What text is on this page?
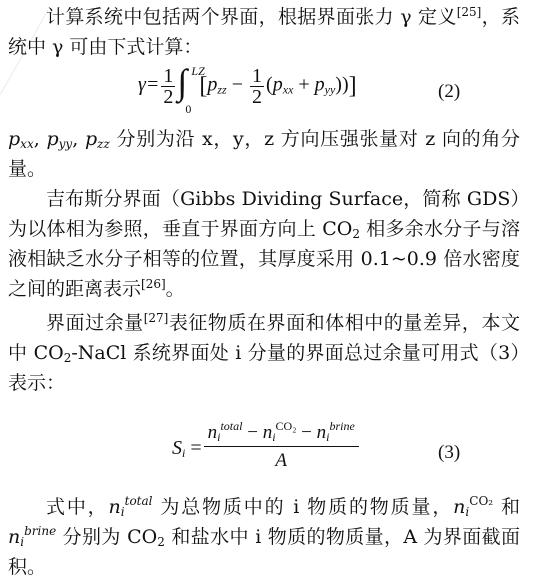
计算系统中包括两个界面，根据界面张力 γ 定义[25]，系统中 γ 可由下式计算：
$\gamma= \frac{1}{2}$ ∫ LZ
0
$[p_{zz} - \frac{1}{2} (p_{xx} + p_{yy}))$]	(2)
$p_{xx}$, $p_{yy}$, $p_{zz}$ 分别为沿 x，y，z 方向压强张量对 z 向的角分量。
吉布斯分界面（Gibbs Dividing Surface，简称 GDS）为以体相为参照，垂直于界面方向上 $CO_2$ 相多余水分子与溶液相缺乏水分子相等的位置，其厚度采用 0.1~0.9 倍水密度之间的距离表示[26]。
界面过余量[27]表征物质在界面和体相中的量差异，本文中 $CO_2$-NaCl 系统界面处 i 分量的界面总过余量可用式（3）表示：
$S_i = \frac{n_i^{total} - n_i^{CO_2} - n_i^{brine}}{A}$	(3)
式中，$n_i^{total}$ 为总物质中的 i 物质的物质量，$n_i^{CO_2}$ 和 $n_i^{brine}$ 分别为 $CO_2$ 和盐水中 i 物质的物质量，A 为界面截面积。
